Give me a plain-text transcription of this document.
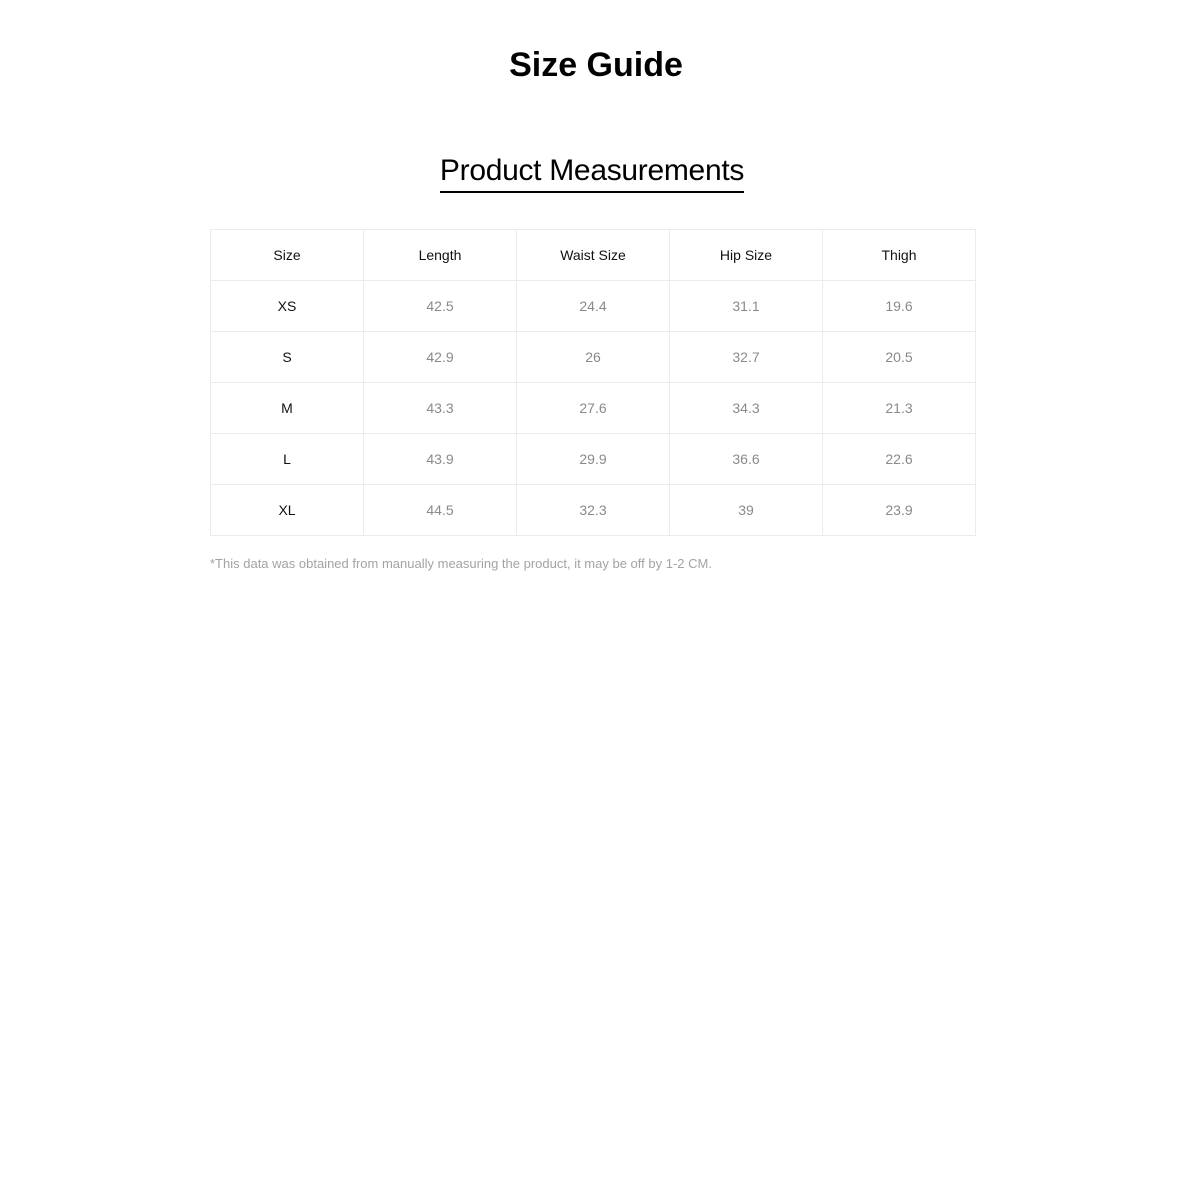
Size Guide
Product Measurements
Size	Length	Waist Size	Hip Size	Thigh
XS	42.5	24.4	31.1	19.6
S	42.9	26	32.7	20.5
M	43.3	27.6	34.3	21.3
L	43.9	29.9	36.6	22.6
XL	44.5	32.3	39	23.9
*This data was obtained from manually measuring the product, it may be off by 1-2 CM.
